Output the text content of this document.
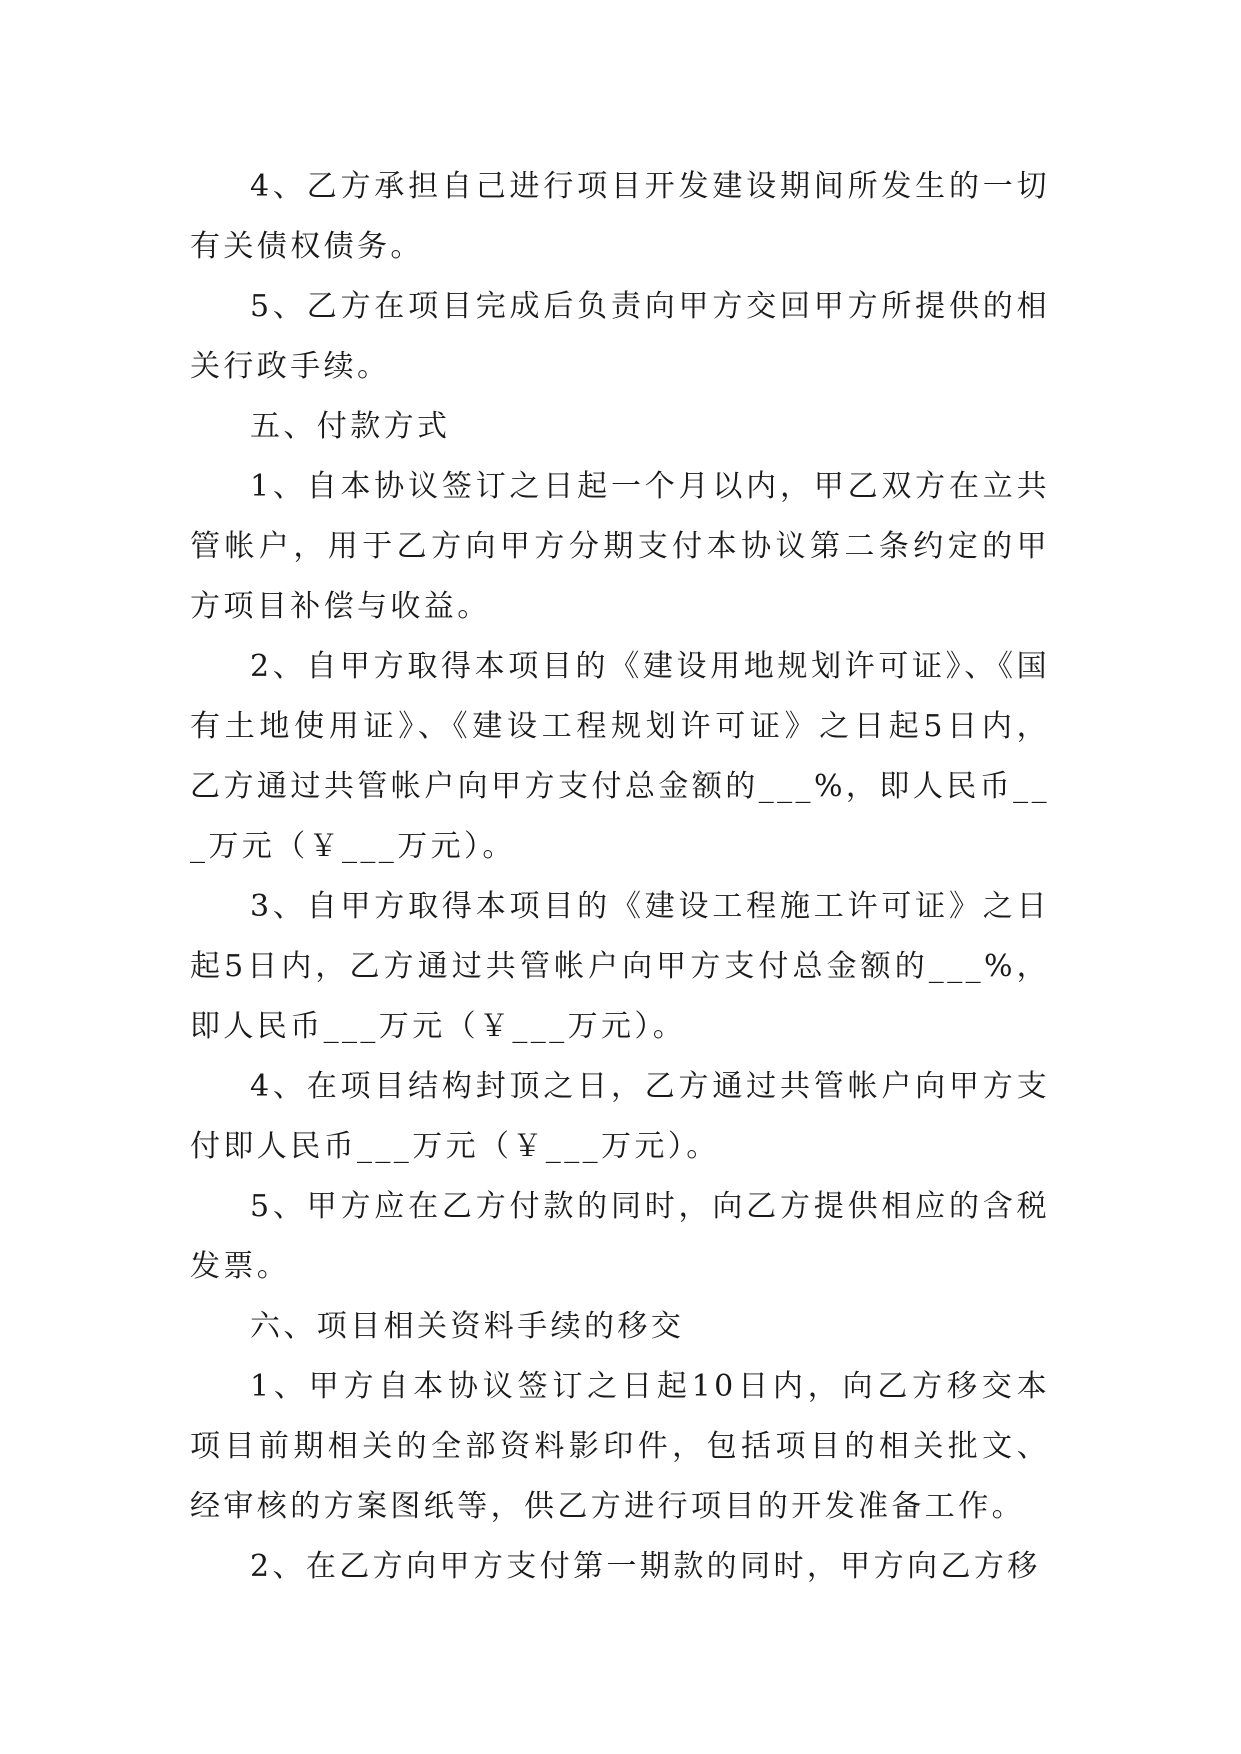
4、乙方承担自己进行项目开发建设期间所发生的一切有关债权债务。

5、乙方在项目完成后负责向甲方交回甲方所提供的相关行政手续。

五、付款方式

1、自本协议签订之日起一个月以内，甲乙双方在立共管帐户，用于乙方向甲方分期支付本协议第二条约定的甲方项目补偿与收益。

2、自甲方取得本项目的《建设用地规划许可证》、《国有土地使用证》、《建设工程规划许可证》之日起5日内，乙方通过共管帐户向甲方支付总金额的___%，即人民币___万元（￥___万元）。

3、自甲方取得本项目的《建设工程施工许可证》之日起5日内，乙方通过共管帐户向甲方支付总金额的___%，即人民币___万元（￥___万元）。

4、在项目结构封顶之日，乙方通过共管帐户向甲方支付即人民币___万元（￥___万元）。

5、甲方应在乙方付款的同时，向乙方提供相应的含税发票。

六、项目相关资料手续的移交

1、甲方自本协议签订之日起10日内，向乙方移交本项目前期相关的全部资料影印件，包括项目的相关批文、经审核的方案图纸等，供乙方进行项目的开发准备工作。

2、在乙方向甲方支付第一期款的同时，甲方向乙方移
